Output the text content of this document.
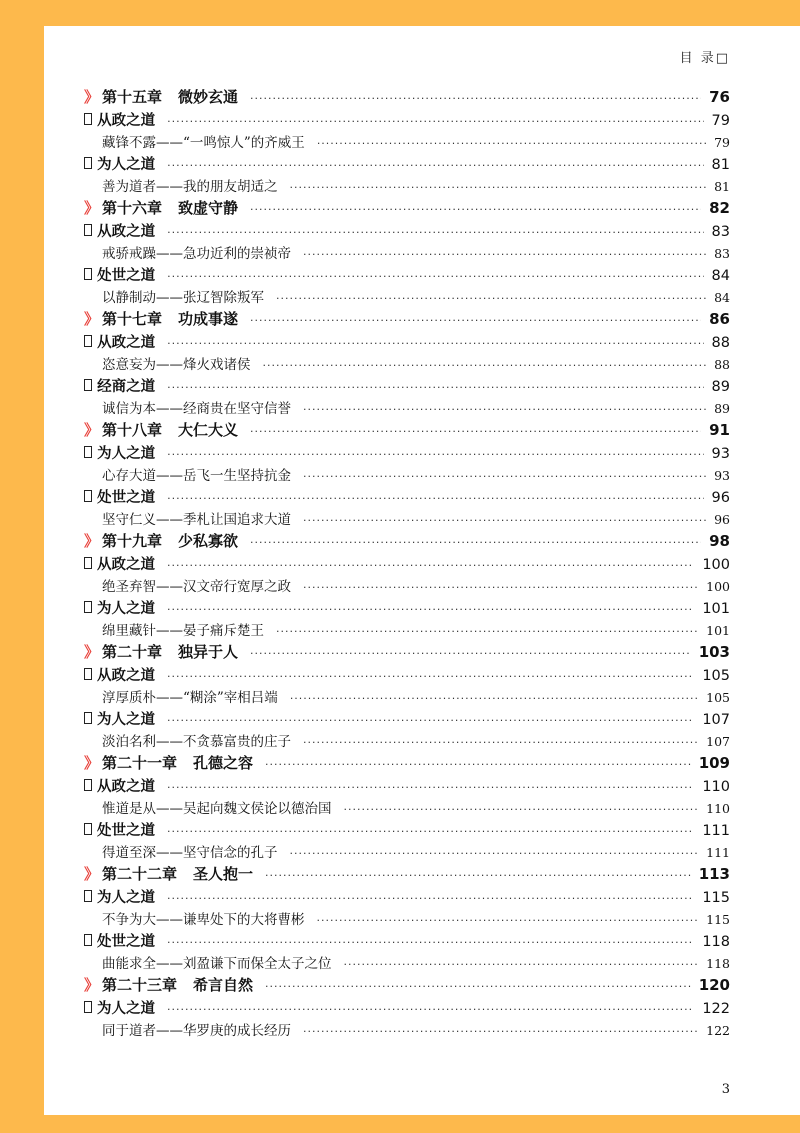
目 录□
》 第十五章 微妙玄通 ·····	76
从政之道 ·····	79
藏锋不露——“一鸣惊人”的齐威王 ·····	79
为人之道 ·····	81
善为道者——我的朋友胡适之 ·····	81
》 第十六章 致虚守静 ·····	82
从政之道 ·····	83
戒骄戒躁——急功近利的崇祯帝 ·····	83
处世之道 ·····	84
以静制动——张辽智除叛军 ·····	84
》 第十七章 功成事遂 ·····	86
从政之道 ·····	88
恣意妄为——烽火戏诸侯 ·····	88
经商之道 ·····	89
诚信为本——经商贵在坚守信誉 ·····	89
》 第十八章 大仁大义 ·····	91
为人之道 ·····	93
心存大道——岳飞一生坚持抗金 ·····	93
处世之道 ·····	96
坚守仁义——季札让国追求大道 ·····	96
》 第十九章 少私寡欲 ·····	98
从政之道 ·····	100
绝圣弃智——汉文帝行宽厚之政 ·····	100
为人之道 ·····	101
绵里藏针——晏子痛斥楚王 ·····	101
》 第二十章 独异于人 ·····	103
从政之道 ·····	105
淳厚质朴——“糊涂”宰相吕端 ·····	105
为人之道 ·····	107
淡泊名利——不贪慕富贵的庄子 ·····	107
》 第二十一章 孔德之容 ·····	109
从政之道 ·····	110
惟道是从——吴起向魏文侯论以德治国 ·····	110
处世之道 ·····	111
得道至深——坚守信念的孔子 ·····	111
》 第二十二章 圣人抱一 ·····	113
为人之道 ·····	115
不争为大——谦卑处下的大将曹彬 ·····	115
处世之道 ·····	118
曲能求全——刘盈谦下而保全太子之位 ·····	118
》 第二十三章 希言自然 ·····	120
为人之道 ·····	122
同于道者——华罗庚的成长经历 ·····	122
3
